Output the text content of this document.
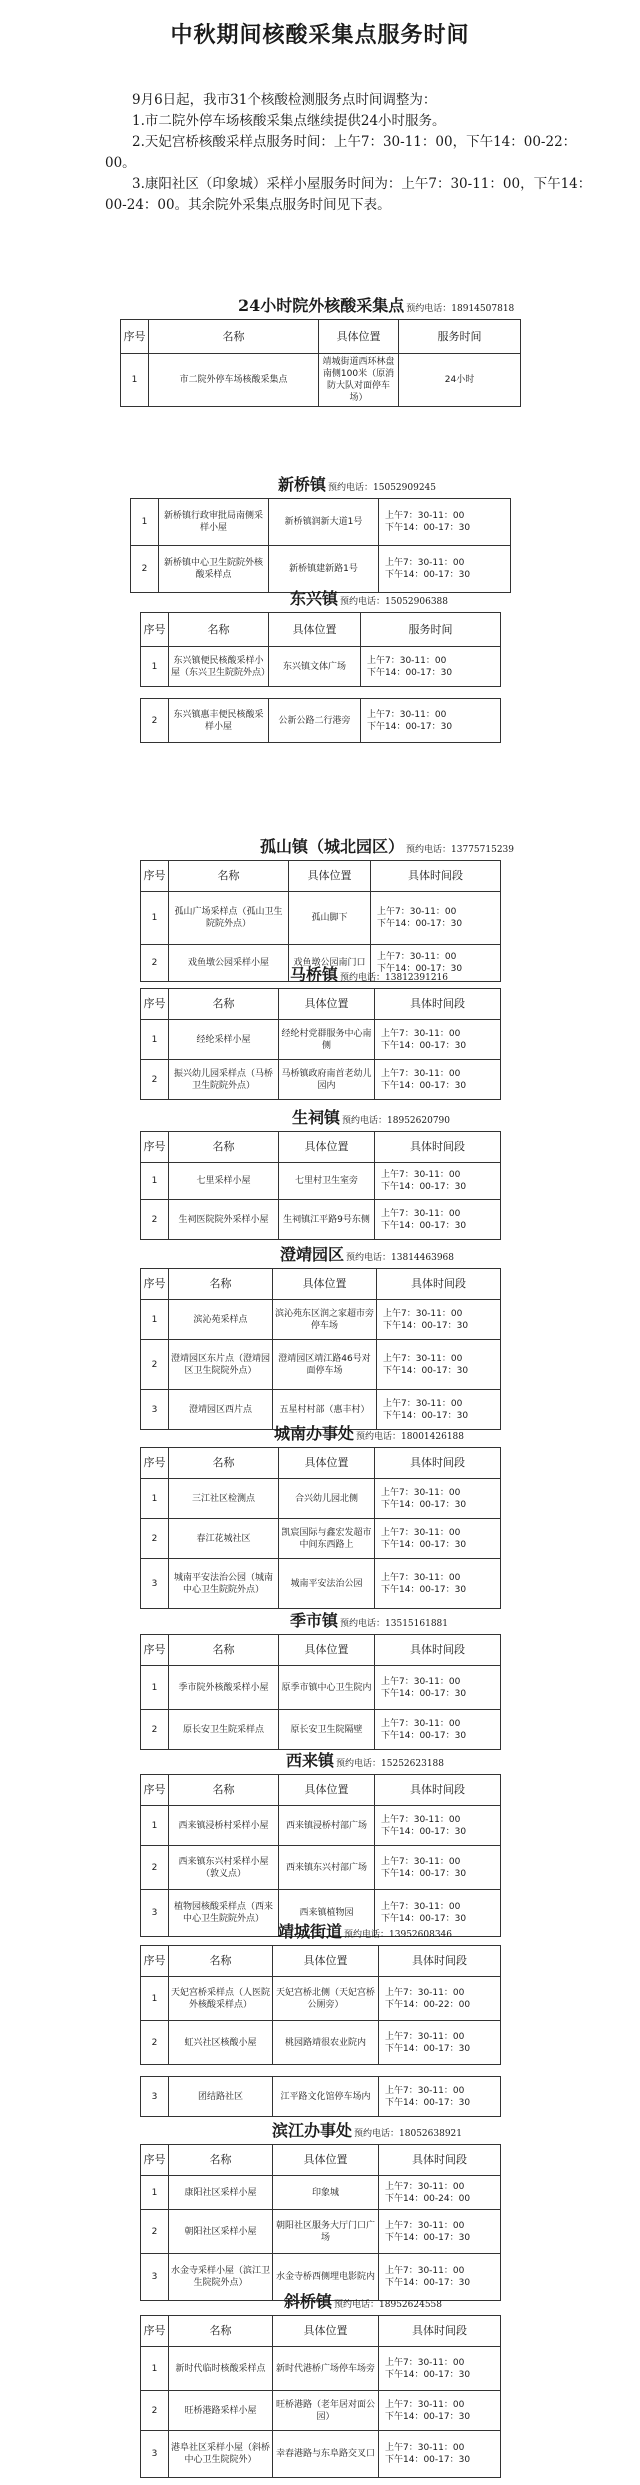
中秋期间核酸采集点服务时间

9月6日起，我市31个核酸检测服务点时间调整为：

1.市二院外停车场核酸采集点继续提供24小时服务。

2.天妃宫桥核酸采样点服务时间：上午7：30-11：00，下午14：00-22：00。

3.康阳社区（印象城）采样小屋服务时间为：上午7：30-11：00，下午14：00-24：00。其余院外采集点服务时间见下表。

24小时院外核酸采集点 预约电话：18914507818
序号	名称	具体位置	服务时间
1	市二院外停车场核酸采集点	靖城街道西环林盘南侧100米（原消防大队对面停车场）	24小时
新桥镇 预约电话：15052909245
1	新桥镇行政审批局南侧采样小屋	新桥镇润新大道1号	上午7：30-11：00
下午14：00-17：30
2	新桥镇中心卫生院院外核酸采样点	新桥镇建新路1号	上午7：30-11：00
下午14：00-17：30
东兴镇 预约电话：15052906388
序号	名称	具体位置	服务时间
1	东兴镇便民核酸采样小屋（东兴卫生院院外点）	东兴镇文体广场	上午7：30-11：00
下午14：00-17：30
2	东兴镇惠丰便民核酸采样小屋	公新公路二行港旁	上午7：30-11：00
下午14：00-17：30
孤山镇（城北园区） 预约电话：13775715239
序号	名称	具体位置	具体时间段
1	孤山广场采样点（孤山卫生院院外点）	孤山脚下	上午7：30-11：00
下午14：00-17：30
2	戏鱼墩公园采样小屋	戏鱼墩公园南门口	上午7：30-11：00
下午14：00-17：30
马桥镇 预约电话：13812391216
序号	名称	具体位置	具体时间段
1	经纶采样小屋	经纶村党群服务中心南侧	上午7：30-11：00
下午14：00-17：30
2	振兴幼儿园采样点（马桥卫生院院外点）	马桥镇政府南首老幼儿园内	上午7：30-11：00
下午14：00-17：30
生祠镇 预约电话：18952620790
序号	名称	具体位置	具体时间段
1	七里采样小屋	七里村卫生室旁	上午7：30-11：00
下午14：00-17：30
2	生祠医院院外采样小屋	生祠镇江平路9号东侧	上午7：30-11：00
下午14：00-17：30
澄靖园区 预约电话：13814463968
序号	名称	具体位置	具体时间段
1	滨沁苑采样点	滨沁苑东区润之家超市旁停车场	上午7：30-11：00
下午14：00-17：30
2	澄靖园区东片点（澄靖园区卫生院院外点）	澄靖园区靖江路46号对面停车场	上午7：30-11：00
下午14：00-17：30
3	澄靖园区西片点	五星村村部（惠丰村）	上午7：30-11：00
下午14：00-17：30
城南办事处 预约电话：18001426188
序号	名称	具体位置	具体时间段
1	三江社区检测点	合兴幼儿园北侧	上午7：30-11：00
下午14：00-17：30
2	春江花城社区	凯宸国际与鑫宏发超市中间东西路上	上午7：30-11：00
下午14：00-17：30
3	城南平安法治公园（城南中心卫生院院外点）	城南平安法治公园	上午7：30-11：00
下午14：00-17：30
季市镇 预约电话：13515161881
序号	名称	具体位置	具体时间段
1	季市院外核酸采样小屋	原季市镇中心卫生院内	上午7：30-11：00
下午14：00-17：30
2	原长安卫生院采样点	原长安卫生院隔壁	上午7：30-11：00
下午14：00-17：30
西来镇 预约电话：15252623188
序号	名称	具体位置	具体时间段
1	西来镇浸桥村采样小屋	西来镇浸桥村部广场	上午7：30-11：00
下午14：00-17：30
2	西来镇东兴村采样小屋（敦义点）	西来镇东兴村部广场	上午7：30-11：00
下午14：00-17：30
3	植物园核酸采样点（西来中心卫生院院外点）	西来镇植物园	上午7：30-11：00
下午14：00-17：30
靖城街道 预约电话：13952608346
序号	名称	具体位置	具体时间段
1	天妃宫桥采样点（人医院外核酸采样点）	天妃宫桥北侧（天妃宫桥公厕旁）	上午7：30-11：00
下午14：00-22：00
2	虹兴社区核酸小屋	桃园路靖很农业院内	上午7：30-11：00
下午14：00-17：30
3	团结路社区	江平路文化馆停车场内	上午7：30-11：00
下午14：00-17：30
滨江办事处 预约电话：18052638921
序号	名称	具体位置	具体时间段
1	康阳社区采样小屋	印象城	上午7：30-11：00
下午14：00-24：00
2	朝阳社区采样小屋	朝阳社区服务大厅门口广场	上午7：30-11：00
下午14：00-17：30
3	水金寺采样小屋（滨江卫生院院外点）	水金寺桥西侧埋电影院内	上午7：30-11：00
下午14：00-17：30
斜桥镇 预约电话：18952624558
序号	名称	具体位置	具体时间段
1	新时代临时核酸采样点	新时代港桥广场停车场旁	上午7：30-11：00
下午14：00-17：30
2	旺桥港路采样小屋	旺桥港路（老年居对面公园）	上午7：30-11：00
下午14：00-17：30
3	港阜社区采样小屋（斜桥中心卫生院院外）	幸春港路与东阜路交叉口	上午7：30-11：00
下午14：00-17：30
